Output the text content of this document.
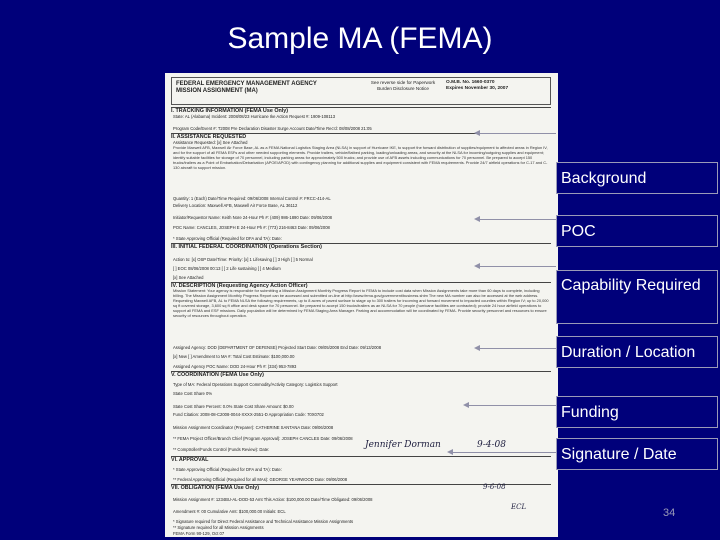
Sample MA (FEMA)
FEDERAL EMERGENCY MANAGEMENT AGENCY
MISSION ASSIGNMENT (MA)
See reverse side for Paperwork Burden Disclosure Notice
O.M.B. No. 1660-0370
Expires November 30, 2007
I. TRACKING INFORMATION (FEMA Use Only)
State: AL (Alabama) Incident: 2008/08/23 Hurricane Ike Action Request #: 1909-108113
Program Code/Event #: T2008 Pre Declaration Disaster Surge Account Date/Time Rec'd: 08/08/2008 21:05
II. ASSISTANCE REQUESTED
Assistance Requested: [x] See Attached
Provide Maxwell AFB, Maxwell Air Force Base, AL as a FEMA National Logistics Staging Area (NLSA) in support of Hurricane IKE, to support the forward distribution of supplies/equipment to affected areas in Region IV, and for the support of all FEMA ESFs and other needed supporting elements. Provide trailers, vehicle/flatbed parking, loading/unloading areas, and security at the NLSA for incoming/outgoing supplies and equipment; identify suitable facilities for storage of 70 personnel, including parking areas for approximately 500 trucks; and provide use of AFB assets including communications for 70 personnel. Be prepared to accept 150 trucks/trailers as a Point of Embarkation/Debarkation (APOE/APOD) with contingency planning for additional supplies and equipment consistent with FEMA requirements. Provide 24/7 airfield operations for C-17 and C-130 aircraft to support mission.
Quantity: 1 (Each) Date/Time Required: 09/06/2008 Internal Control #: FRCC-414-AL
Delivery Location: Maxwell AFB, Maxwell Air Force Base, AL 36112
Initiator/Requestor Name: Keith Nore 24-Hour Ph #: (409) 986-1890 Date: 09/06/2008
POC Name: CANCLES, JOSEPH E 24-Hour Ph #: (773) 216-8463 Date: 09/06/2008
* State Approving Official (Required for DFA and TA): Date:
III. INITIAL FEDERAL COORDINATION (Operations Section)
Action to: [x] OSP Date/Time: Priority: [x] 1 Lifesaving [ ] 3 High [ ] 5 Normal
[ ] EOC 08/06/2008 00:13 [ ] 2 Life sustaining [ ] 4 Medium
[x] See Attached
IV. DESCRIPTION (Requesting Agency Action Officer)
Mission Statement: Your agency is responsible for submitting a Mission Assignment Monthly Progress Report to FEMA to include cost data when Mission Assignments take more than 60 days to complete, including billing. The Mission Assignment Monthly Progress Report can be accessed and submitted on-line at http://www.fema.gov/government/business.shtm The new MA number can also be accessed at the web address. Requesting Maxwell AFB, AL to FEMA NLSA the following requirements, up to 8 acres of paved surface to stage up to 300 trailers for incoming and forward movement to impacted counties within Region IV; up to 20,000 sq ft covered storage, 3,600 sq ft office and desk space for 70 personnel. Be prepared to accept 150 trucks/trailers as an NLSA for 70 people (hurricane facilities are contracted); provide 24 hour airfield operations to support all FEMA and ESF missions. Daily population will be determined by FEMA Staging Area Manager. Parking and accommodation will be coordinated by FEMA. Provide security personnel and resources to ensure security of resources throughout operation.
Assigned Agency: DOD (DEPARTMENT OF DEFENSE) Projected Start Date: 09/05/2008 End Date: 09/13/2008
[x] New [ ] Amendment to MA #: Total Cost Estimate: $100,000.00
Assigned Agency POC Name: DOD 24-Hour Ph #: (334) 953-7893
V. COORDINATION (FEMA Use Only)
Type of MA: Federal Operations Support Commodity/Activity Category: Logistics Support
State Cost Share 0%
State Cost Share Percent: 0.0% State Cost Share Amount: $0.00
Fund Citation: 2008-08-C2008-0044-XXXX-2551-D Appropriation Code: 70X0702
Mission Assignment Coordinator (Preparer): CATHERINE SANTANA Date: 09/06/2008
** FEMA Project Officer/Branch Chief (Program Approval): JOSEPH CANCLES Date: 09/06/2008
** Comptroller/Funds Control (Funds Review): Date:
VI. APPROVAL
* State Approving Official (Required for DFA and TA): Date:
** Federal Approving Official (Required for all MAs): GEORGE YEARWOOD Date: 09/06/2008
VII. OBLIGATION (FEMA Use Only)
Mission Assignment #: 1234BU-AL-DOD-53 Amt This Action: $100,000.00 Date/Time Obligated: 09/06/2008
Amendment #: 00 Cumulative Amt: $100,000.00 Initials: ECL
* Signature required for Direct Federal Assistance and Technical Assistance Mission Assignments
** Signature required for all Mission Assignments
FEMA Form 90-129, Oct 07
Jennifer Dorman	9-4-08
9-6-08
ECL
Background
POC
Capability Required
Duration / Location
Funding
Signature / Date
34
